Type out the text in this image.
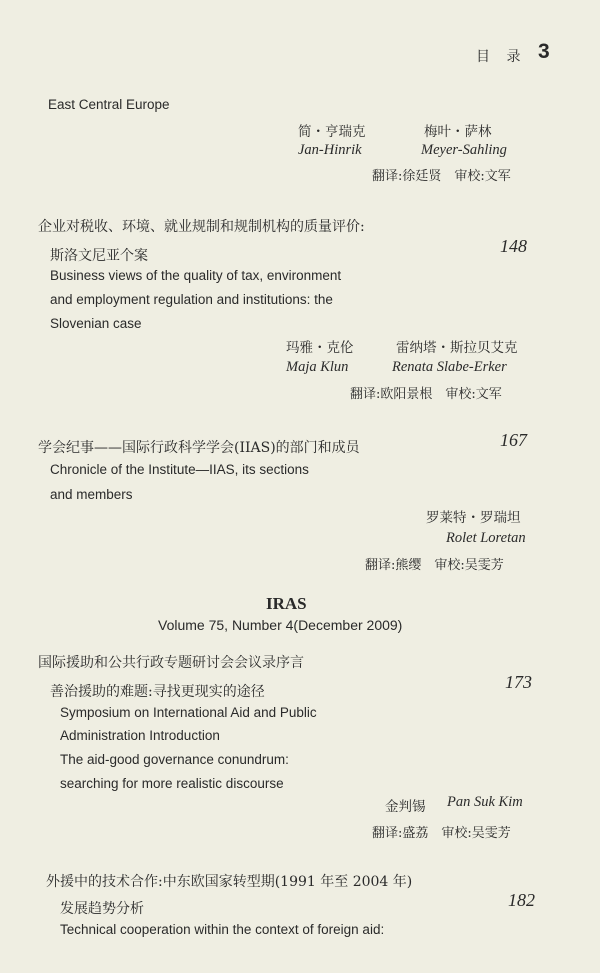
目 录 3
East Central Europe
简・亨瑞克	梅叶・萨林
Jan-Hinrik	Meyer-Sahling
翻译:徐廷贤　审校:文军
企业对税收、环境、就业规制和规制机构的质量评价:
斯洛文尼亚个案	148
Business views of the quality of tax, environment
and employment regulation and institutions: the
Slovenian case
玛雅・克伦	雷纳塔・斯拉贝艾克
Maja Klun	Renata Slabe-Erker
翻译:欧阳景根　审校:文军
学会纪事——国际行政科学学会(IIAS)的部门和成员	167
Chronicle of the Institute—IIAS, its sections
and members
罗莱特・罗瑞坦
Rolet Loretan
翻译:熊缨　审校:吴雯芳
IRAS
Volume 75, Number 4(December 2009)
国际援助和公共行政专题研讨会会议录序言
善治援助的难题:寻找更现实的途径	173
Symposium on International Aid and Public
Administration Introduction
The aid-good governance conundrum:
searching for more realistic discourse
金判锡 Pan Suk Kim
翻译:盛荔　审校:吴雯芳
外援中的技术合作:中东欧国家转型期(1991 年至 2004 年)
发展趋势分析	182
Technical cooperation within the context of foreign aid:
